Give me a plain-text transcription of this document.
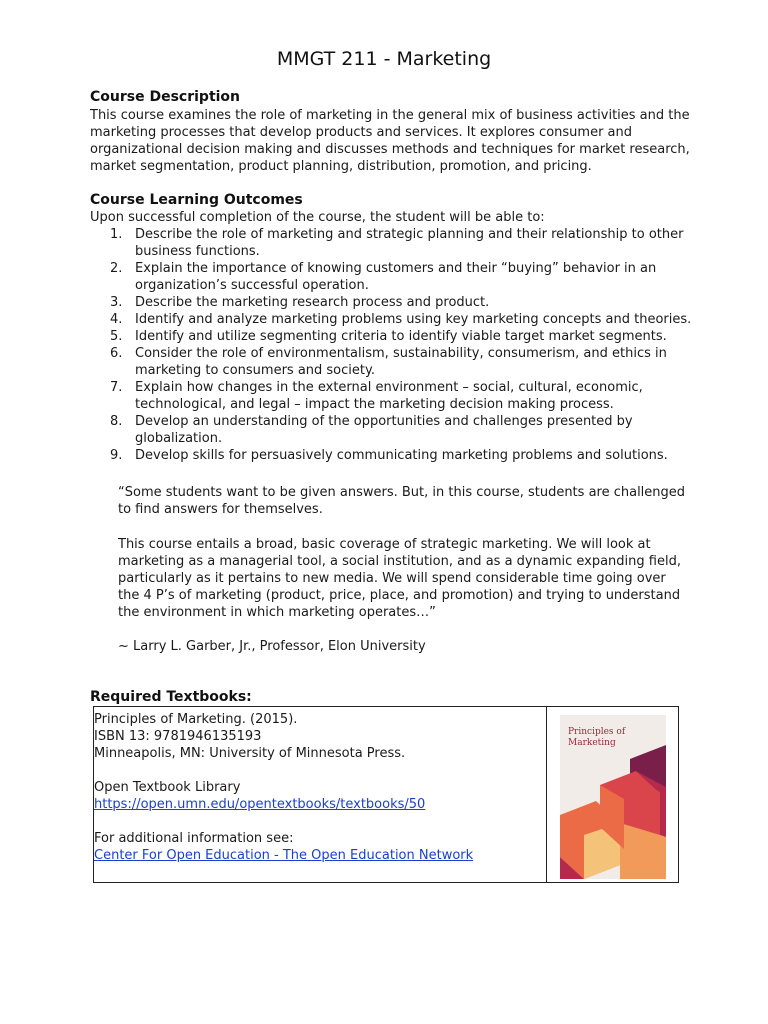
MMGT 211 - Marketing
Course Description
This course examines the role of marketing in the general mix of business activities and the
marketing processes that develop products and services. It explores consumer and
organizational decision making and discusses methods and techniques for market research,
market segmentation, product planning, distribution, promotion, and pricing.
Course Learning Outcomes
Upon successful completion of the course, the student will be able to:
1. Describe the role of marketing and strategic planning and their relationship to other
business functions.
2. Explain the importance of knowing customers and their “buying” behavior in an
organization’s successful operation.
3. Describe the marketing research process and product.
4. Identify and analyze marketing problems using key marketing concepts and theories.
5. Identify and utilize segmenting criteria to identify viable target market segments.
6. Consider the role of environmentalism, sustainability, consumerism, and ethics in
marketing to consumers and society.
7. Explain how changes in the external environment – social, cultural, economic,
technological, and legal – impact the marketing decision making process.
8. Develop an understanding of the opportunities and challenges presented by
globalization.
9. Develop skills for persuasively communicating marketing problems and solutions.
“Some students want to be given answers. But, in this course, students are challenged
to find answers for themselves.
This course entails a broad, basic coverage of strategic marketing. We will look at
marketing as a managerial tool, a social institution, and as a dynamic expanding field,
particularly as it pertains to new media. We will spend considerable time going over
the 4 P’s of marketing (product, price, place, and promotion) and trying to understand
the environment in which marketing operates…”
~ Larry L. Garber, Jr., Professor, Elon University
Required Textbooks:
Principles of Marketing. (2015).
ISBN 13: 9781946135193
Minneapolis, MN: University of Minnesota Press.
Open Textbook Library
https://open.umn.edu/opentextbooks/textbooks/50
For additional information see:
Center For Open Education - The Open Education Network
Principles of Marketing
